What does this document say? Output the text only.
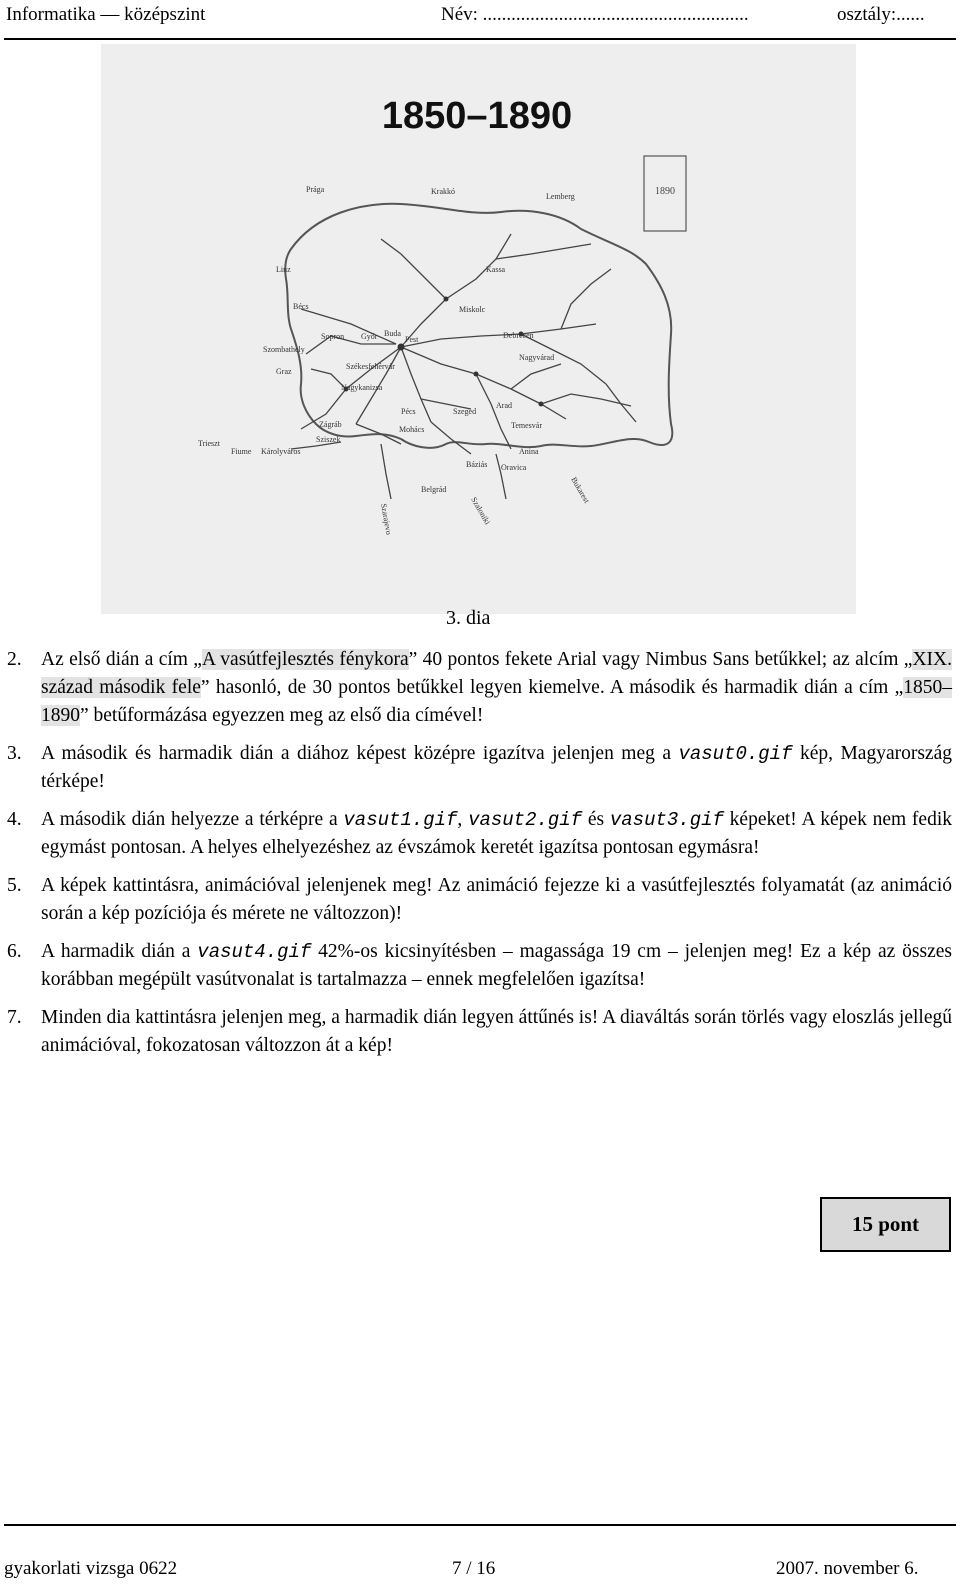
Informatika — középszint	Név: ........................................................	osztály:......
1850–1890
1890
Prága	Krakkó
Lemberg
Linz	Kassa
Bécs	Miskolc
Debrecen
Sopron Győr Buda
Pest
Szombathely
Nagyvárad
Graz
Székesfehérvár
Nagykanizsa
Pécs	Szeged
Arad
Zágráb
Mohács	Temesvár
Trieszt	Sziszek
Fiume Károlyváros	Anina
Báziás Oravica
Belgrád
Szarajevo	Szaloniki
Bukarest
3. dia
2. Az első dián a cím „A vasútfejlesztés fénykora” 40 pontos fekete Arial vagy Nimbus Sans betűkkel; az alcím „XIX. század második fele” hasonló, de 30 pontos betűkkel legyen kiemelve. A második és harmadik dián a cím „1850–1890” betűformázása egyezzen meg az első dia címével!
3. A második és harmadik dián a diához képest középre igazítva jelenjen meg a vasut0.gif kép, Magyarország térképe!
4. A második dián helyezze a térképre a vasut1.gif, vasut2.gif és vasut3.gif képeket! A képek nem fedik egymást pontosan. A helyes elhelyezéshez az évszámok keretét igazítsa pontosan egymásra!
5. A képek kattintásra, animációval jelenjenek meg! Az animáció fejezze ki a vasútfejlesztés folyamatát (az animáció során a kép pozíciója és mérete ne változzon)!
6. A harmadik dián a vasut4.gif 42%-os kicsinyítésben – magassága 19 cm – jelenjen meg! Ez a kép az összes korábban megépült vasútvonalat is tartalmazza – ennek megfelelően igazítsa!
7. Minden dia kattintásra jelenjen meg, a harmadik dián legyen áttűnés is! A diaváltás során törlés vagy eloszlás jellegű animációval, fokozatosan változzon át a kép!
15 pont
gyakorlati vizsga 0622	7 / 16	2007. november 6.
